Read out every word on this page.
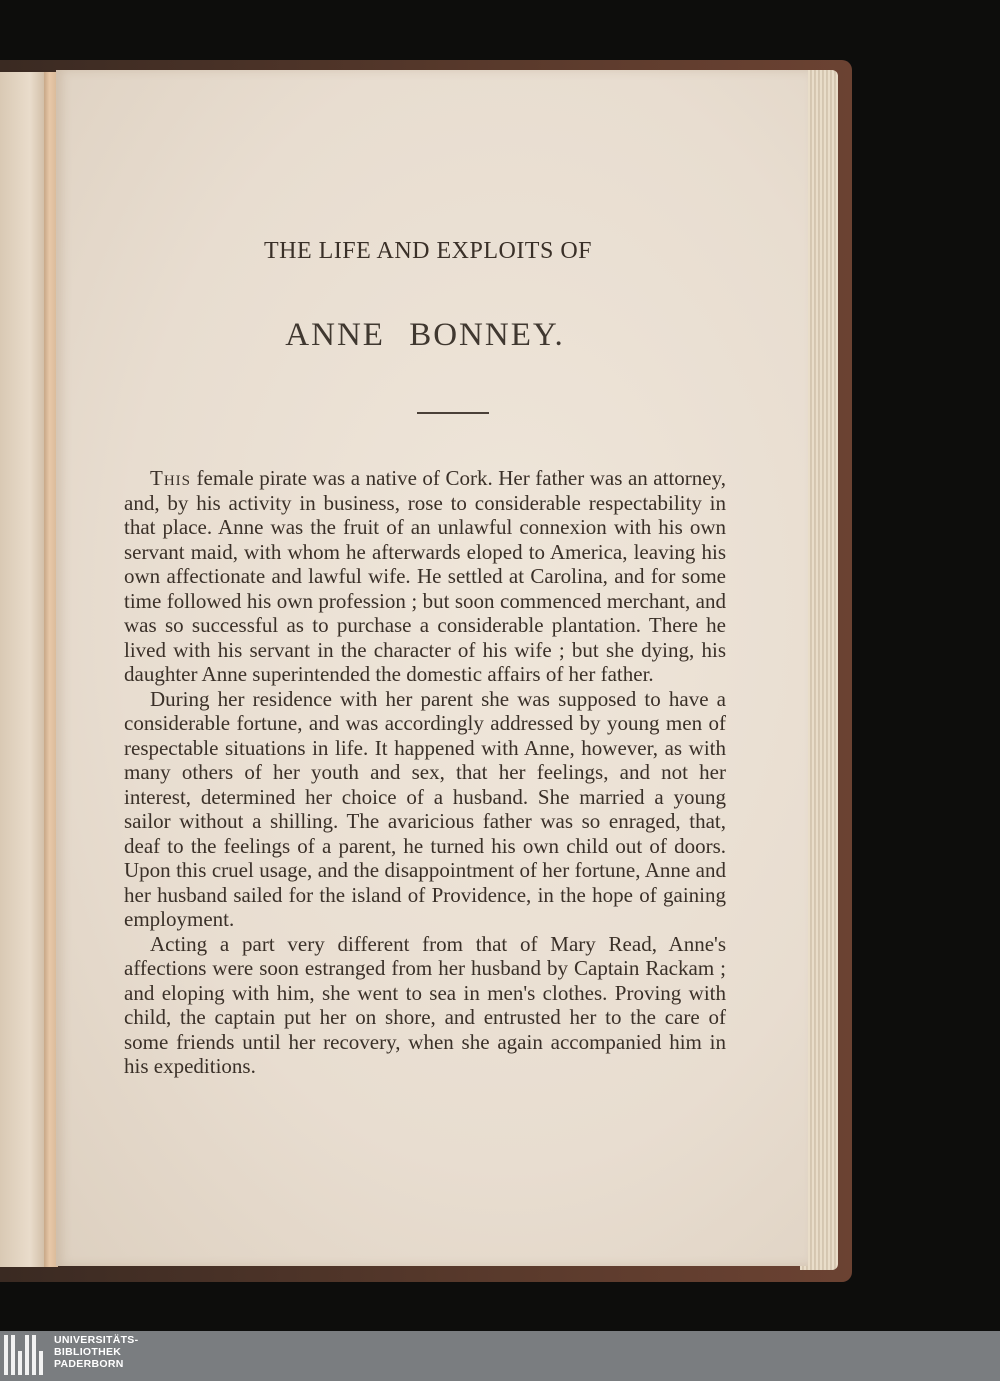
THE LIFE AND EXPLOITS OF
ANNE BONNEY.

This female pirate was a native of Cork. Her father was an attorney, and, by his activity in business, rose to considerable respectability in that place. Anne was the fruit of an unlawful connexion with his own servant maid, with whom he afterwards eloped to America, leaving his own affectionate and lawful wife. He settled at Carolina, and for some time followed his own profession ; but soon commenced merchant, and was so successful as to purchase a considerable plantation. There he lived with his servant in the character of his wife ; but she dying, his daughter Anne superintended the domestic affairs of her father.

During her residence with her parent she was supposed to have a considerable fortune, and was accordingly addressed by young men of respectable situations in life. It happened with Anne, however, as with many others of her youth and sex, that her feelings, and not her interest, determined her choice of a husband. She married a young sailor without a shilling. The avaricious father was so enraged, that, deaf to the feelings of a parent, he turned his own child out of doors. Upon this cruel usage, and the disappointment of her fortune, Anne and her husband sailed for the island of Providence, in the hope of gaining employment.

Acting a part very different from that of Mary Read, Anne's affections were soon estranged from her husband by Captain Rackam ; and eloping with him, she went to sea in men's clothes. Proving with child, the captain put her on shore, and entrusted her to the care of some friends until her recovery, when she again accompanied him in his expeditions.

UNIVERSITÄTS-
BIBLIOTHEK
PADERBORN
